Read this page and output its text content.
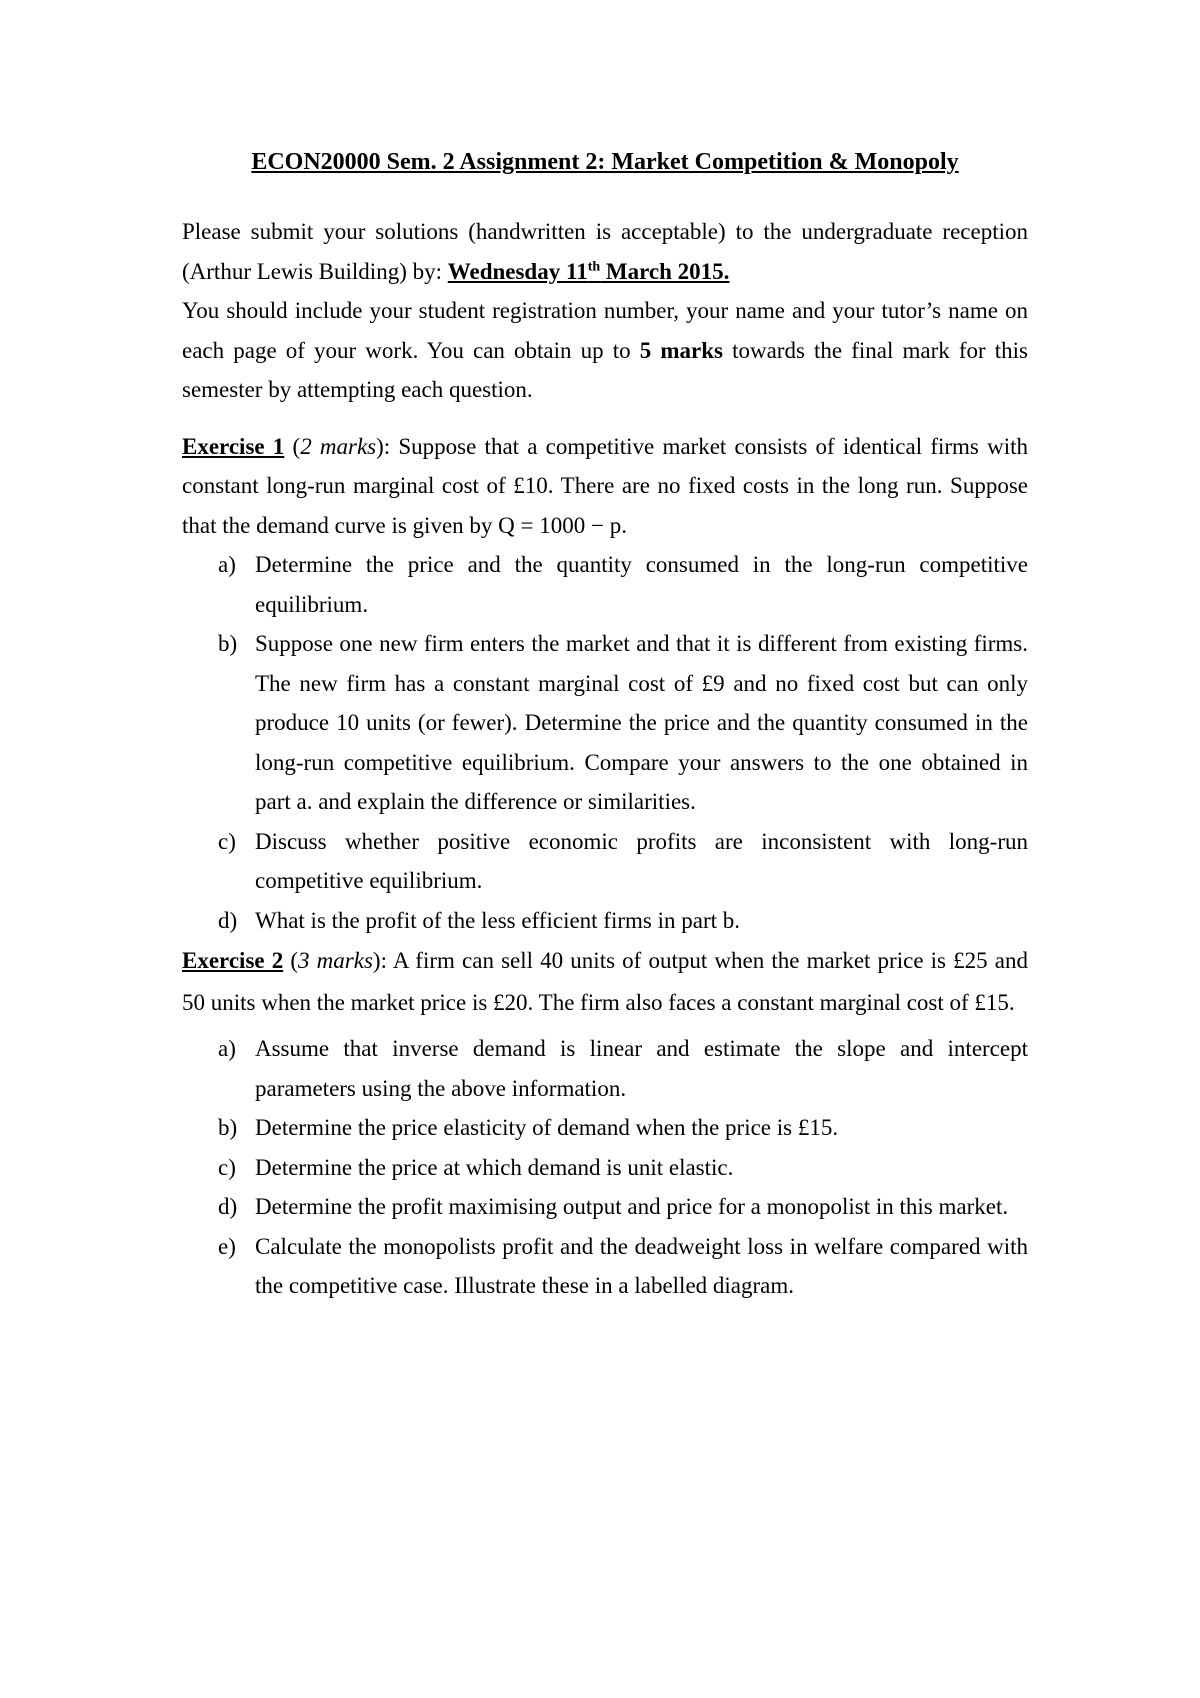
ECON20000 Sem. 2 Assignment 2: Market Competition & Monopoly

Please submit your solutions (handwritten is acceptable) to the undergraduate reception (Arthur Lewis Building) by: Wednesday 11th March 2015.
You should include your student registration number, your name and your tutor’s name on each page of your work. You can obtain up to 5 marks towards the final mark for this semester by attempting each question.

Exercise 1 (2 marks): Suppose that a competitive market consists of identical firms with constant long-run marginal cost of £10. There are no fixed costs in the long run. Suppose that the demand curve is given by Q = 1000 − p.

a) Determine the price and the quantity consumed in the long-run competitive equilibrium.
b) Suppose one new firm enters the market and that it is different from existing firms. The new firm has a constant marginal cost of £9 and no fixed cost but can only produce 10 units (or fewer). Determine the price and the quantity consumed in the long-run competitive equilibrium. Compare your answers to the one obtained in part a. and explain the difference or similarities.
c) Discuss whether positive economic profits are inconsistent with long-run competitive equilibrium.
d) What is the profit of the less efficient firms in part b.

Exercise 2 (3 marks): A firm can sell 40 units of output when the market price is £25 and 50 units when the market price is £20. The firm also faces a constant marginal cost of £15.

a) Assume that inverse demand is linear and estimate the slope and intercept parameters using the above information.
b) Determine the price elasticity of demand when the price is £15.
c) Determine the price at which demand is unit elastic.
d) Determine the profit maximising output and price for a monopolist in this market.
e) Calculate the monopolists profit and the deadweight loss in welfare compared with the competitive case. Illustrate these in a labelled diagram.
